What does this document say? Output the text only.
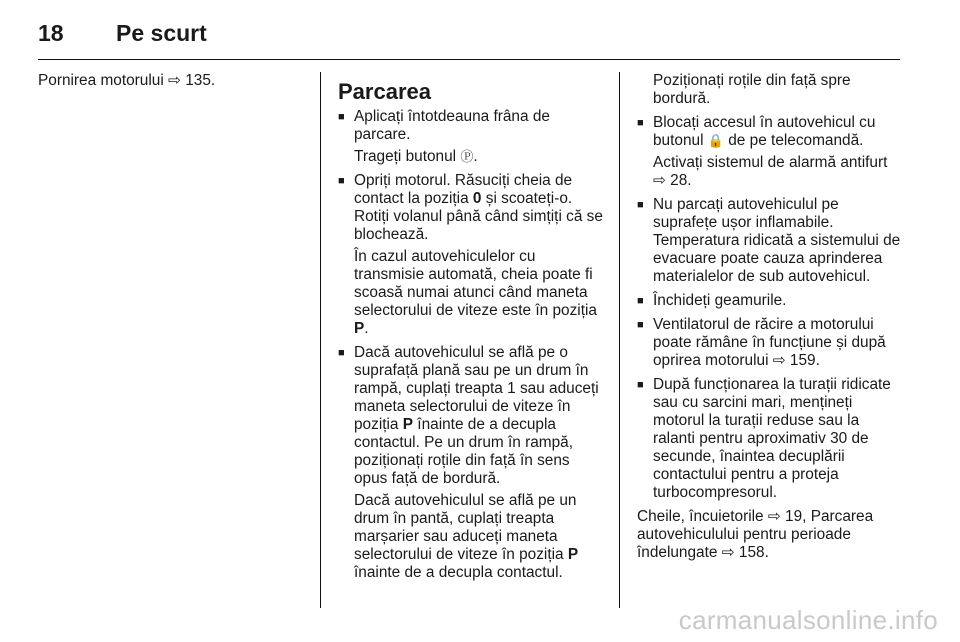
18 Pe scurt

Pornirea motorului ⇨ 135.	Parcarea
■ Aplicați întotdeauna frâna de parcare.
Trageți butonul Ⓟ.
■ Opriți motorul. Răsuciți cheia de contact la poziția 0 și scoateți-o. Rotiți volanul până când simțiți că se blochează.
În cazul autovehiculelor cu transmisie automată, cheia poate fi scoasă numai atunci când maneta selectorului de viteze este în poziția P.
■ Dacă autovehiculul se află pe o suprafață plană sau pe un drum în rampă, cuplați treapta 1 sau aduceți maneta selectorului de viteze în poziția P înainte de a decupla contactul. Pe un drum în rampă, poziționați roțile din față în sens opus față de bordură.
Dacă autovehiculul se află pe un drum în pantă, cuplați treapta marșarier sau aduceți maneta selectorului de viteze în poziția P înainte de a decupla contactul.
Poziționați roțile din față spre bordură.
■ Blocați accesul în autovehicul cu butonul 🔒 de pe telecomandă.
Activați sistemul de alarmă antifurt ⇨ 28.
■ Nu parcați autovehiculul pe suprafețe ușor inflamabile. Temperatura ridicată a sistemului de evacuare poate cauza aprinderea materialelor de sub autovehicul.
■ Închideți geamurile.
■ Ventilatorul de răcire a motorului poate rămâne în funcțiune și după oprirea motorului ⇨ 159.
■ După funcționarea la turații ridicate sau cu sarcini mari, mențineți motorul la turații reduse sau la ralanti pentru aproximativ 30 de secunde, înaintea decuplării contactului pentru a proteja turbocompresorul.

Cheile, încuietorile ⇨ 19, Parcarea autovehiculului pentru perioade îndelungate ⇨ 158.

carmanualsonline.info
